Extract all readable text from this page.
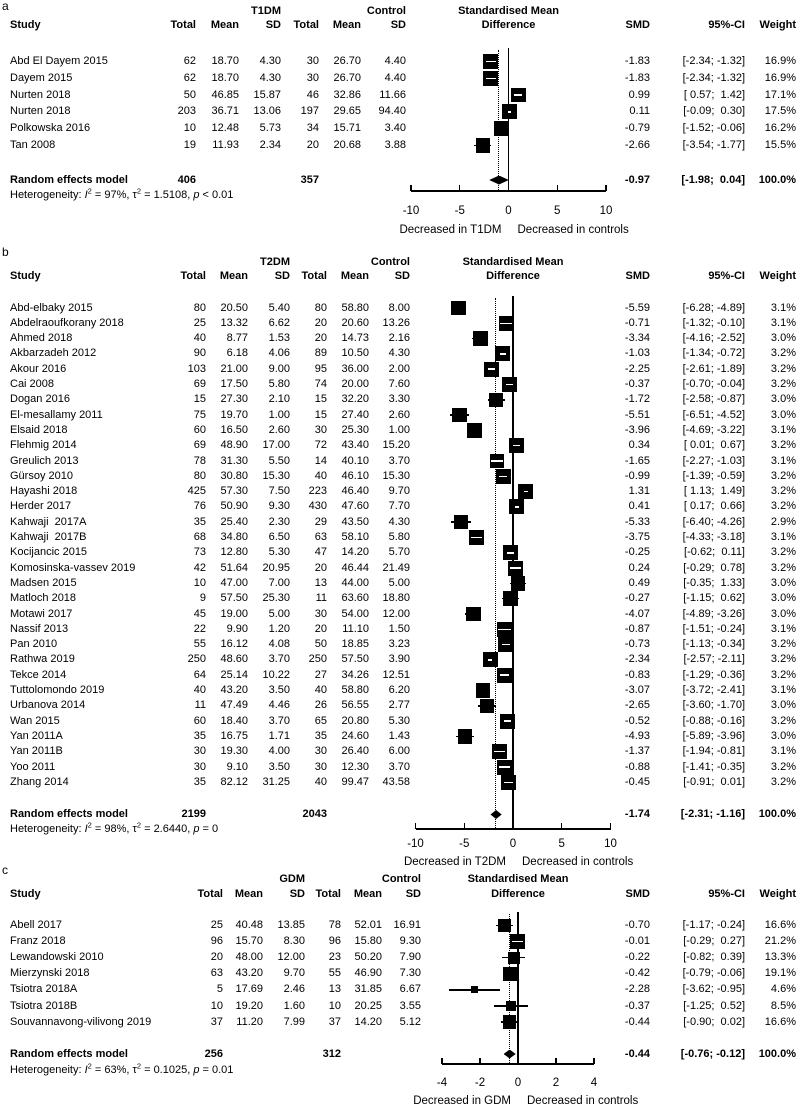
a	T1DM	Control	Standardised Mean
Study	Total Mean SD Total Mean	SD	Difference	SMD	95%-CI Weight
Abd El Dayem 2015	62 18.70 4.30 30 26.70 4.40	-1.83	[-2.34; -1.32] 16.9%
Dayem 2015	62 18.70 4.30 30 26.70 4.40	-1.83	[-2.34; -1.32] 16.9%
Nurten 2018	50 46.85 15.87 46 32.86 11.66	0.99	[ 0.57;  1.42] 17.1%
Nurten 2018	203 36.71 13.06 197 29.65 94.40	0.11	[-0.09;  0.30] 17.5%
Polkowska 2016	10 12.48 5.73 34 15.71 3.40	-0.79	[-1.52; -0.06] 16.2%
Tan 2008	19 11.93 2.34 20 20.68 3.88	-2.66	[-3.54; -1.77] 15.5%
Random effects model	406	357	-0.97	[-1.98;  0.04] 100.0%
Heterogeneity: $I^2 = 97\%$, $\tau^2 = 1.5108$, p < 0.01
-10	-5	0	5	10
Decreased in T1DM Decreased in controls
b
T2DM	Control	Standardised Mean
Study	Total Mean SD Total Mean SD	Difference	SMD	95%-CI Weight
Abd-elbaky 2015	80 20.50 5.40 80 58.80 8.00	-5.59	[-6.28; -4.89] 3.1%
Abdelraoufkorany 2018	25 13.32 6.62 20 20.60 13.26	-0.71	[-1.32; -0.10] 3.1%
Ahmed 2018	40 8.77 1.53 20 14.73 2.16	-3.34	[-4.16; -2.52] 3.0%
Akbarzadeh 2012	90 6.18 4.06 89 10.50 4.30	-1.03	[-1.34; -0.72] 3.2%
Akour 2016	103 21.00 9.00 95 36.00 2.00	-2.25	[-2.61; -1.89] 3.2%
Cai 2008	69 17.50 5.80 74 20.00 7.60	-0.37	[-0.70; -0.04] 3.2%
Dogan 2016	15 27.30 2.10 15 32.20 3.30	-1.72	[-2.58; -0.87] 3.0%
El-mesallamy 2011	75 19.70 1.00 15 27.40 2.60	-5.51	[-6.51; -4.52] 3.0%
Elsaid 2018	60 16.50 2.60 30 25.30 1.00	-3.96	[-4.69; -3.22] 3.1%
Flehmig 2014	69 48.90 17.00 72 43.40 15.20	0.34	[ 0.01;  0.67] 3.2%
Greulich 2013	78 31.30 5.50 14 40.10 3.70	-1.65	[-2.27; -1.03] 3.1%
Gürsoy 2010	80 30.80 15.30 40 46.10 15.30	-0.99	[-1.39; -0.59] 3.2%
Hayashi 2018	425 57.30 7.50 223 46.40 9.70	1.31	[ 1.13;  1.49] 3.2%
Herder 2017	76 50.90 9.30 430 47.60 7.70	0.41	[ 0.17;  0.66] 3.2%
Kahwaji  2017A	35 25.40 2.30 29 43.50 4.30	-5.33	[-6.40; -4.26] 2.9%
Kahwaji  2017B	68 34.80 6.50 63 58.10 5.80	-3.75	[-4.33; -3.18] 3.1%
Kocijancic 2015	73 12.80 5.30 47 14.20 5.70	-0.25	[-0.62;  0.11] 3.2%
Komosinska-vassev 2019	42 51.64 20.95 20 46.44 21.49	0.24	[-0.29;  0.78] 3.2%
Madsen 2015	10 47.00 7.00 13 44.00 5.00	0.49	[-0.35;  1.33] 3.0%
Matloch 2018	9 57.50 25.30 11 63.60 18.80	-0.27	[-1.15;  0.62] 3.0%
Motawi 2017	45 19.00 5.00 30 54.00 12.00	-4.07	[-4.89; -3.26] 3.0%
Nassif 2013	22 9.90 1.20 20 11.10 1.50	-0.87	[-1.51; -0.24] 3.1%
Pan 2010	55 16.12 4.08 50 18.85 3.23	-0.73	[-1.13; -0.34] 3.2%
Rathwa 2019	250 48.60 3.70 250 57.50 3.90	-2.34	[-2.57; -2.11] 3.2%
Tekce 2014	64 25.14 10.22 27 34.26 12.51	-0.83	[-1.29; -0.36] 3.2%
Tuttolomondo 2019	40 43.20 3.50 40 58.80 6.20	-3.07	[-3.72; -2.41] 3.1%
Urbanova 2014	11 47.49 4.46 26 56.55 2.77	-2.65	[-3.60; -1.70] 3.0%
Wan 2015	60 18.40 3.70 65 20.80 5.30	-0.52	[-0.88; -0.16] 3.2%
Yan 2011A	35 16.75 1.71 35 24.60 1.43	-4.93	[-5.89; -3.96] 3.0%
Yan 2011B	30 19.30 4.00 30 26.40 6.00	-1.37	[-1.94; -0.81] 3.1%
Yoo 2011	30 9.10 3.50 30 12.30 3.70	-0.88	[-1.41; -0.35] 3.2%
Zhang 2014	35 82.12 31.25 40 99.47 43.58	-0.45	[-0.91;  0.01] 3.2%
Random effects model	2199	2043	-1.74	[-2.31; -1.16] 100.0%
Heterogeneity: $I^2 = 98\%$, $\tau^2 = 2.6440$, p = 0
-10	-5	0	5	10
Decreased in T2DM Decreased in controls
c
GDM	Control	Standardised Mean
Study	Total Mean SD Total Mean SD	Difference	SMD	95%-CI Weight
Abell 2017	25 40.48 13.85 78 52.01 16.91	-0.70	[-1.17; -0.24] 16.6%
Franz 2018	96 15.70 8.30 96 15.80 9.30	-0.01	[-0.29;  0.27] 21.2%
Lewandowski 2010	20 48.00 12.00 23 50.20 7.90	-0.22	[-0.82;  0.39] 13.3%
Mierzynski 2018	63 43.20 9.70 55 46.90 7.30	-0.42	[-0.79; -0.06] 19.1%
Tsiotra 2018A	5 17.69 2.46 13 31.85 6.67	-2.28	[-3.62; -0.95] 4.6%
Tsiotra 2018B	10 19.20 1.60 10 20.25 3.55	-0.37	[-1.25;  0.52] 8.5%
Souvannavong-vilivong 2019	37 11.20 7.99 37 14.20 5.12	-0.44	[-0.90;  0.02] 16.6%
Random effects model	256	312	-0.44	[-0.76; -0.12] 100.0%
Heterogeneity: $I^2 = 63\%$, $\tau^2 = 0.1025$, p = 0.01
-4 -2	0	2	4
Decreased in GDM Decreased in controls
